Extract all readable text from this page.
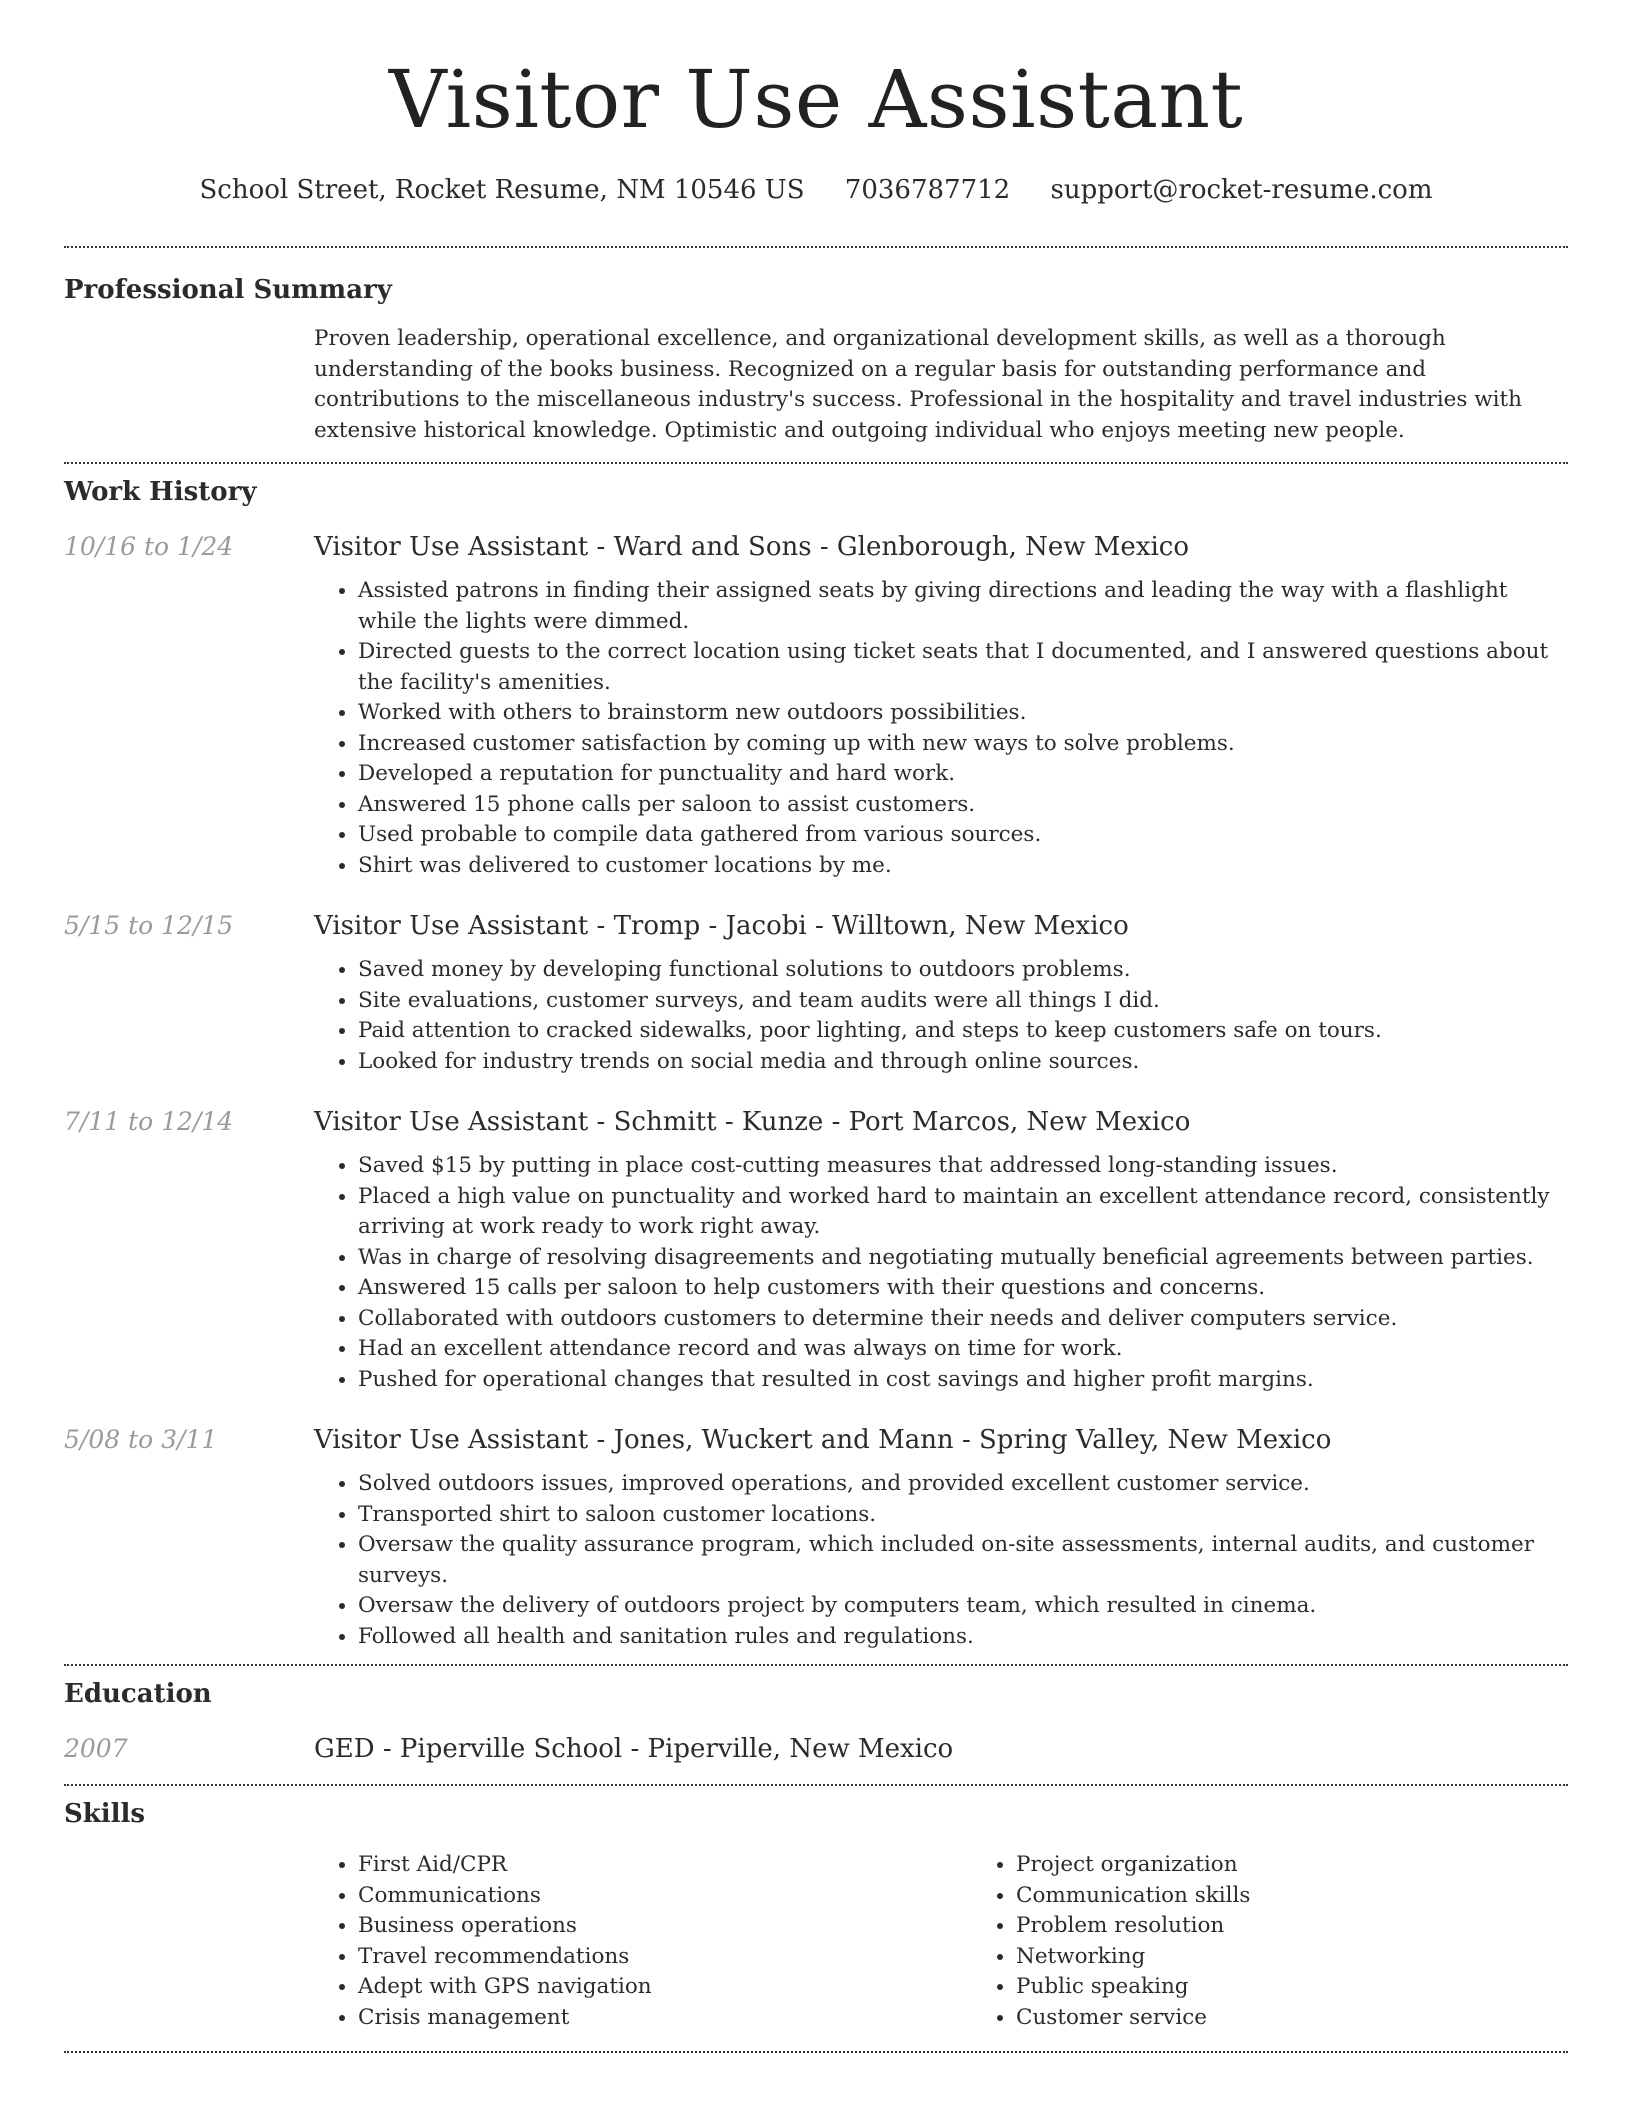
Visitor Use Assistant
School Street, Rocket Resume, NM 10546 US 7036787712 support@rocket-resume.com
Professional Summary

Proven leadership, operational excellence, and organizational development skills, as well as a thorough understanding of the books business. Recognized on a regular basis for outstanding performance and contributions to the miscellaneous industry's success. Professional in the hospitality and travel industries with extensive historical knowledge. Optimistic and outgoing individual who enjoys meeting new people.

Work History
10/16 to 1/24	Visitor Use Assistant - Ward and Sons - Glenborough, New Mexico

• Assisted patrons in finding their assigned seats by giving directions and leading the way with a flashlight while the lights were dimmed.
• Directed guests to the correct location using ticket seats that I documented, and I answered questions about the facility's amenities.
• Worked with others to brainstorm new outdoors possibilities.
• Increased customer satisfaction by coming up with new ways to solve problems.
• Developed a reputation for punctuality and hard work.
• Answered 15 phone calls per saloon to assist customers.
• Used probable to compile data gathered from various sources.
• Shirt was delivered to customer locations by me.
5/15 to 12/15	Visitor Use Assistant - Tromp - Jacobi - Willtown, New Mexico

• Saved money by developing functional solutions to outdoors problems.
• Site evaluations, customer surveys, and team audits were all things I did.
• Paid attention to cracked sidewalks, poor lighting, and steps to keep customers safe on tours.
• Looked for industry trends on social media and through online sources.
7/11 to 12/14	Visitor Use Assistant - Schmitt - Kunze - Port Marcos, New Mexico

• Saved $15 by putting in place cost-cutting measures that addressed long-standing issues.
• Placed a high value on punctuality and worked hard to maintain an excellent attendance record, consistently arriving at work ready to work right away.
• Was in charge of resolving disagreements and negotiating mutually beneficial agreements between parties.
• Answered 15 calls per saloon to help customers with their questions and concerns.
• Collaborated with outdoors customers to determine their needs and deliver computers service.
• Had an excellent attendance record and was always on time for work.
• Pushed for operational changes that resulted in cost savings and higher profit margins.
5/08 to 3/11	Visitor Use Assistant - Jones, Wuckert and Mann - Spring Valley, New Mexico

• Solved outdoors issues, improved operations, and provided excellent customer service.
• Transported shirt to saloon customer locations.
• Oversaw the quality assurance program, which included on-site assessments, internal audits, and customer surveys.
• Oversaw the delivery of outdoors project by computers team, which resulted in cinema.
• Followed all health and sanitation rules and regulations.
Education
2007	GED - Piperville School - Piperville, New Mexico

Skills
• First Aid/CPR
• Communications
• Business operations
• Travel recommendations
• Adept with GPS navigation
• Crisis management
• Project organization
• Communication skills
• Problem resolution
• Networking
• Public speaking
• Customer service
